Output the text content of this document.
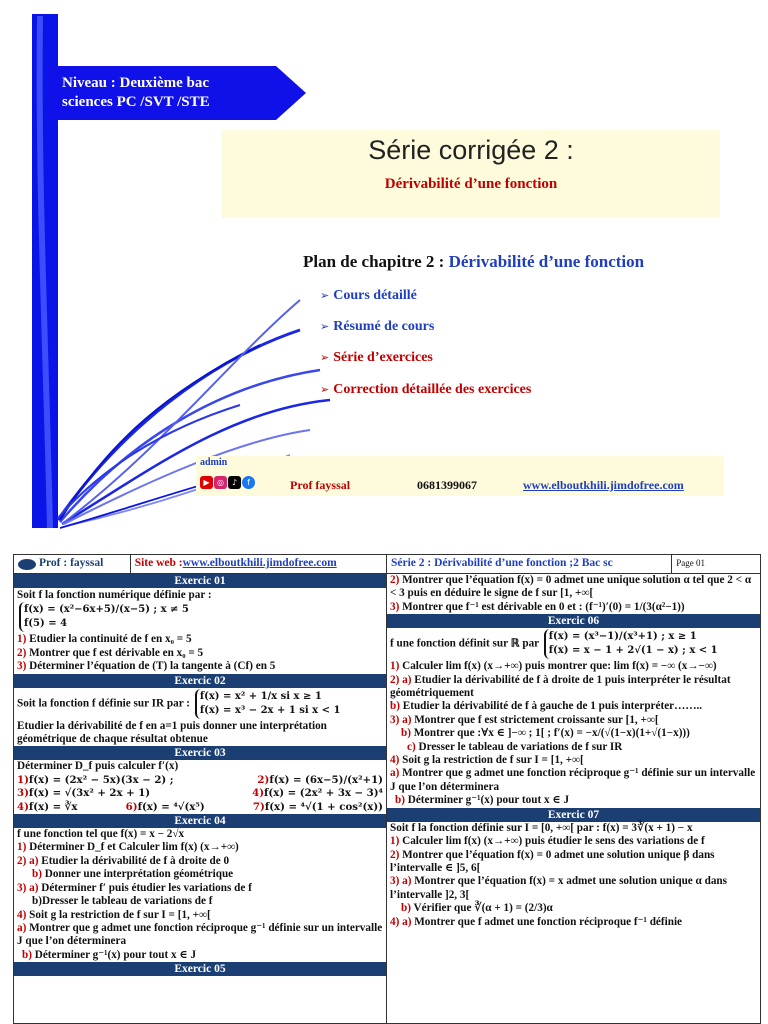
Niveau : Deuxième bac
sciences PC /SVT /STE
Série corrigée 2 :
Dérivabilité d’une fonction
Plan de chapitre 2 : Dérivabilité d’une fonction
➢ Cours détaillé
➢ Résumé de cours
➢ Série d’exercices
➢ Correction détaillée des exercices
admin
▶ ◎ ♪	f	Prof fayssal	0681399067	www.elboutkhili.jimdofree.com
Prof : fayssal	Site web : www.elboutkhili.jimdofree.com	Série 2 : Dérivabilité d’une fonction ; 2 Bac sc	Page 01
Exercic 01
Soit f la fonction numérique définie par :
f(x) = (x²−6x+5)/(x−5) ; x ≠ 5
f(5) = 4
1) Etudier la continuité de f en x₀ = 5
2) Montrer que f est dérivable en x₀ = 5
3) Déterminer l’équation de (T) la tangente à (Cf) en 5
Exercic 02
Soit la fonction f définie sur IR par :
f(x) = x² + 1/x si x ≥ 1
f(x) = x³ − 2x + 1 si x < 1
Etudier la dérivabilité de f en a=1 puis donner une interprétation géométrique de chaque résultat obtenue
Exercic 03
Déterminer D_f puis calculer f′(x)
1)f(x) = (2x² − 5x)(3x − 2) ;	2)f(x) = (6x−5)/(x²+1)
3)f(x) = √(3x² + 2x + 1)	4)f(x) = (2x² + 3x − 3)⁴
4)f(x) = ∛x	6)f(x) = ⁴√(x⁵)	7)f(x) = ⁴√(1 + cos²(x))
Exercic 04
f une fonction tel que f(x) = x − 2√x
1) Déterminer D_f et Calculer lim f(x) (x→+∞)
2) a) Etudier la dérivabilité de f à droite de 0
b) Donner une interprétation géométrique
3) a) Déterminer f′ puis étudier les variations de f
b)Dresser le tableau de variations de f
4) Soit g la restriction de f sur I = [1, +∞[
a) Montrer que g admet une fonction réciproque g⁻¹ définie sur un intervalle J que l’on déterminera
b) Déterminer g⁻¹(x) pour tout x ∈ J
Exercic 05
2) Montrer que l’équation f(x) = 0 admet une unique solution α tel que 2 < α < 3 puis en déduire le signe de f sur [1, +∞[
3) Montrer que f⁻¹ est dérivable en 0 et : (f⁻¹)′(0) = 1/(3(α²−1))
Exercic 06
f une fonction définit sur ℝ par
f(x) = (x³−1)/(x³+1) ; x ≥ 1
f(x) = x − 1 + 2√(1 − x) ; x < 1
1) Calculer lim f(x) (x→+∞) puis montrer que: lim f(x) = −∞ (x→−∞)
2) a) Etudier la dérivabilité de f à droite de 1 puis interpréter le résultat géométriquement
b) Etudier la dérivabilité de f à gauche de 1 puis interpréter……..
3) a) Montrer que f est strictement croissante sur [1, +∞[
b) Montrer que :∀x ∈ ]−∞ ; 1[ ; f′(x) = −x/(√(1−x)(1+√(1−x)))
c) Dresser le tableau de variations de f sur IR
4) Soit g la restriction de f sur I = [1, +∞[
a) Montrer que g admet une fonction réciproque g⁻¹ définie sur un intervalle J que l’on déterminera
b) Déterminer g⁻¹(x) pour tout x ∈ J
Exercic 07
Soit f la fonction définie sur I = [0, +∞[ par : f(x) = 3∛(x + 1) − x
1) Calculer lim f(x) (x→+∞) puis étudier le sens des variations de f
2) Montrer que l’équation f(x) = 0 admet une solution unique β dans l’intervalle ∈ ]5, 6[
3) a) Montrer que l’équation f(x) = x admet une solution unique α dans l’intervalle ]2, 3[
b) Vérifier que ∛(α + 1) = (2/3)α
4) a) Montrer que f admet une fonction réciproque f⁻¹ définie
